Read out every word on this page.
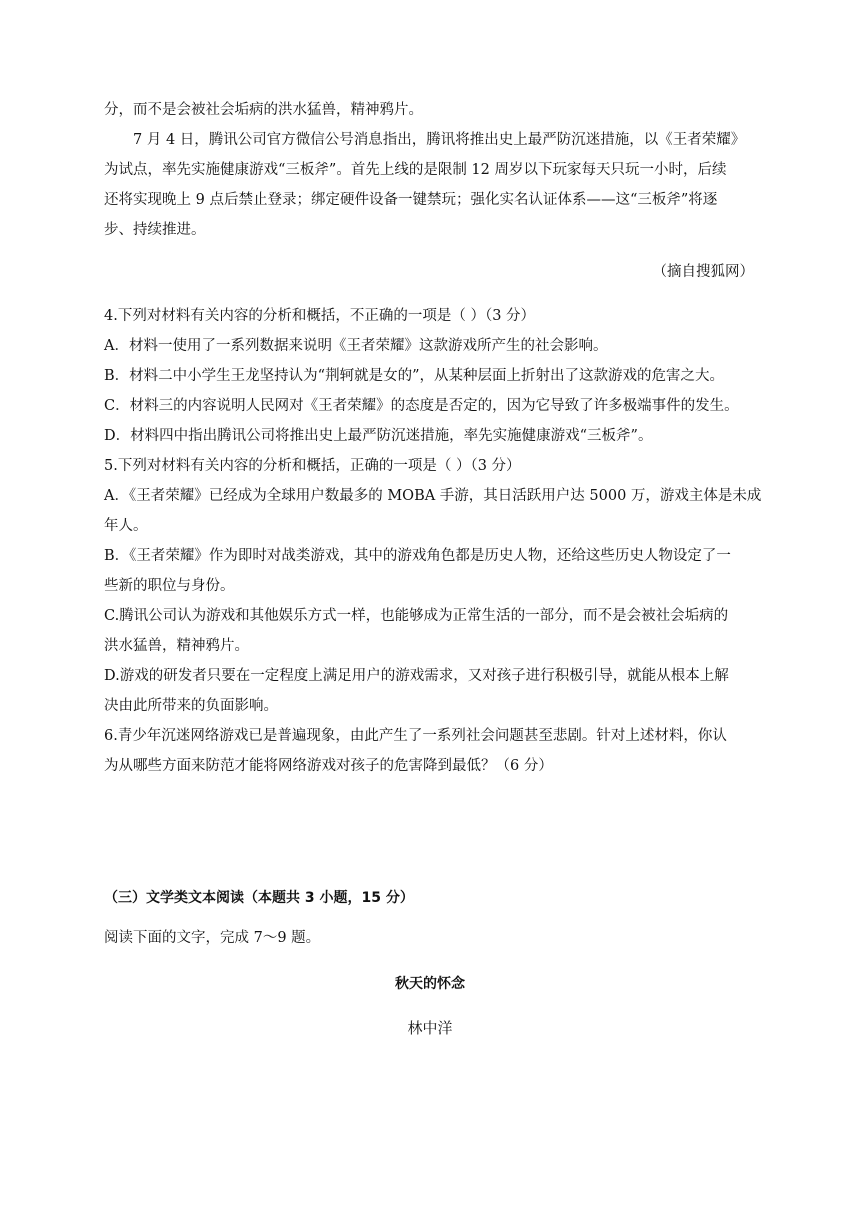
分，而不是会被社会垢病的洪水猛兽，精神鸦片。
7 月 4 日，腾讯公司官方微信公号消息指出，腾讯将推出史上最严防沉迷措施，以《王者荣耀》
为试点，率先实施健康游戏“三板斧”。首先上线的是限制 12 周岁以下玩家每天只玩一小时，后续
还将实现晚上 9 点后禁止登录；绑定硬件设备一键禁玩；强化实名认证体系——这“三板斧”将逐
步、持续推进。
（摘自搜狐网）
4.下列对材料有关内容的分析和概括，不正确的一项是（ ）（3 分）
A．材料一使用了一系列数据来说明《王者荣耀》这款游戏所产生的社会影响。
B．材料二中小学生王龙坚持认为“荆轲就是女的”，从某种层面上折射出了这款游戏的危害之大。
C．材料三的内容说明人民网对《王者荣耀》的态度是否定的，因为它导致了许多极端事件的发生。
D．材料四中指出腾讯公司将推出史上最严防沉迷措施，率先实施健康游戏“三板斧”。
5.下列对材料有关内容的分析和概括，正确的一项是（ ）（3 分）
A．《王者荣耀》已经成为全球用户数最多的 MOBA 手游，其日活跃用户达 5000 万，游戏主体是未成
年人。
B．《王者荣耀》作为即时对战类游戏，其中的游戏角色都是历史人物，还给这些历史人物设定了一
些新的职位与身份。
C.腾讯公司认为游戏和其他娱乐方式一样，也能够成为正常生活的一部分，而不是会被社会垢病的
洪水猛兽，精神鸦片。
D.游戏的研发者只要在一定程度上满足用户的游戏需求，又对孩子进行积极引导，就能从根本上解
决由此所带来的负面影响。
6.青少年沉迷网络游戏已是普遍现象，由此产生了一系列社会问题甚至悲剧。针对上述材料，你认
为从哪些方面来防范才能将网络游戏对孩子的危害降到最低？（6 分）
（三）文学类文本阅读（本题共 3 小题，15 分）
阅读下面的文字，完成 7～9 题。
秋天的怀念
林中洋
